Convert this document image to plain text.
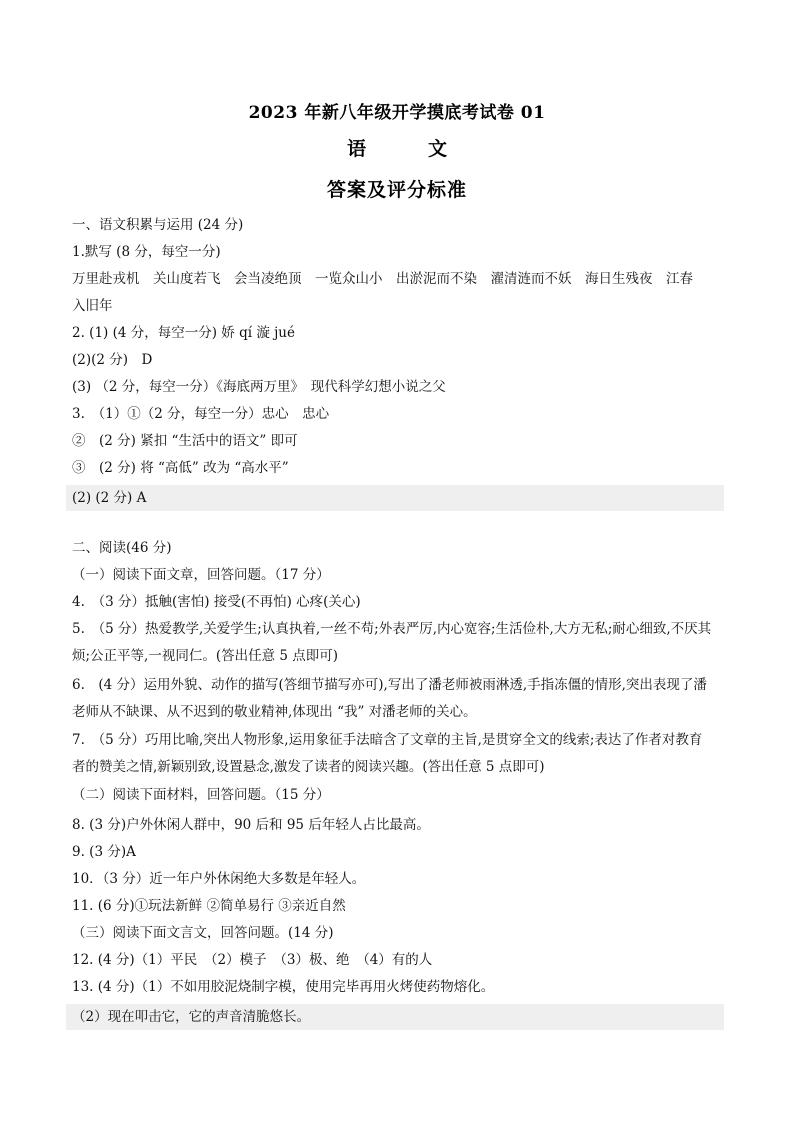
2023 年新八年级开学摸底考试卷 01
语	文
答案及评分标准
一、语文积累与运用 (24 分)
1.默写 (8 分，每空一分)
万里赴戎机　关山度若飞　会当凌绝顶　一览众山小　出淤泥而不染　濯清涟而不妖　海日生残夜　江春
入旧年
2. (1) (4 分，每空一分) 娇 qí 漩 jué
(2)(2 分)　D
(3) （2 分，每空一分）《海底两万里》　现代科学幻想小说之父
3.　（1）①（2 分，每空一分）忠心　忠心
②　(2 分) 紧扣 “生活中的语文” 即可
③　(2 分) 将 “高低” 改为 “高水平”
(2) (2 分) A
二、阅读(46 分)
（一）阅读下面文章，回答问题。（17 分）
4.　（3 分）抵触(害怕) 接受(不再怕) 心疼(关心)
5.　（5 分）热爱教学,关爱学生;认真执着,一丝不苟;外表严厉,内心宽容;生活俭朴,大方无私;耐心细致,不厌其
烦;公正平等,一视同仁。(答出任意 5 点即可)
6.　(4 分）运用外貌、动作的描写(答细节描写亦可),写出了潘老师被雨淋透,手指冻僵的情形,突出表现了潘
老师从不缺课、从不迟到的敬业精神,体现出 “我” 对潘老师的关心。
7.　（5 分）巧用比喻,突出人物形象,运用象征手法暗含了文章的主旨,是贯穿全文的线索;表达了作者对教育
者的赞美之情,新颖别致,设置悬念,激发了读者的阅读兴趣。(答出任意 5 点即可)
（二）阅读下面材料，回答问题。（15 分）
8. (3 分)户外休闲人群中，90 后和 95 后年轻人占比最高。
9. (3 分)A
10．（3 分）近一年户外休闲绝大多数是年轻人。
11. (6 分)①玩法新鲜 ②简单易行 ③亲近自然
（三）阅读下面文言文，回答问题。(14 分)
12. (4 分)（1）平民　（2）模子　（3）极、绝　（4）有的人
13. (4 分)（1）不如用胶泥烧制字模，使用完毕再用火烤使药物熔化。
（2）现在叩击它，它的声音清脆悠长。
